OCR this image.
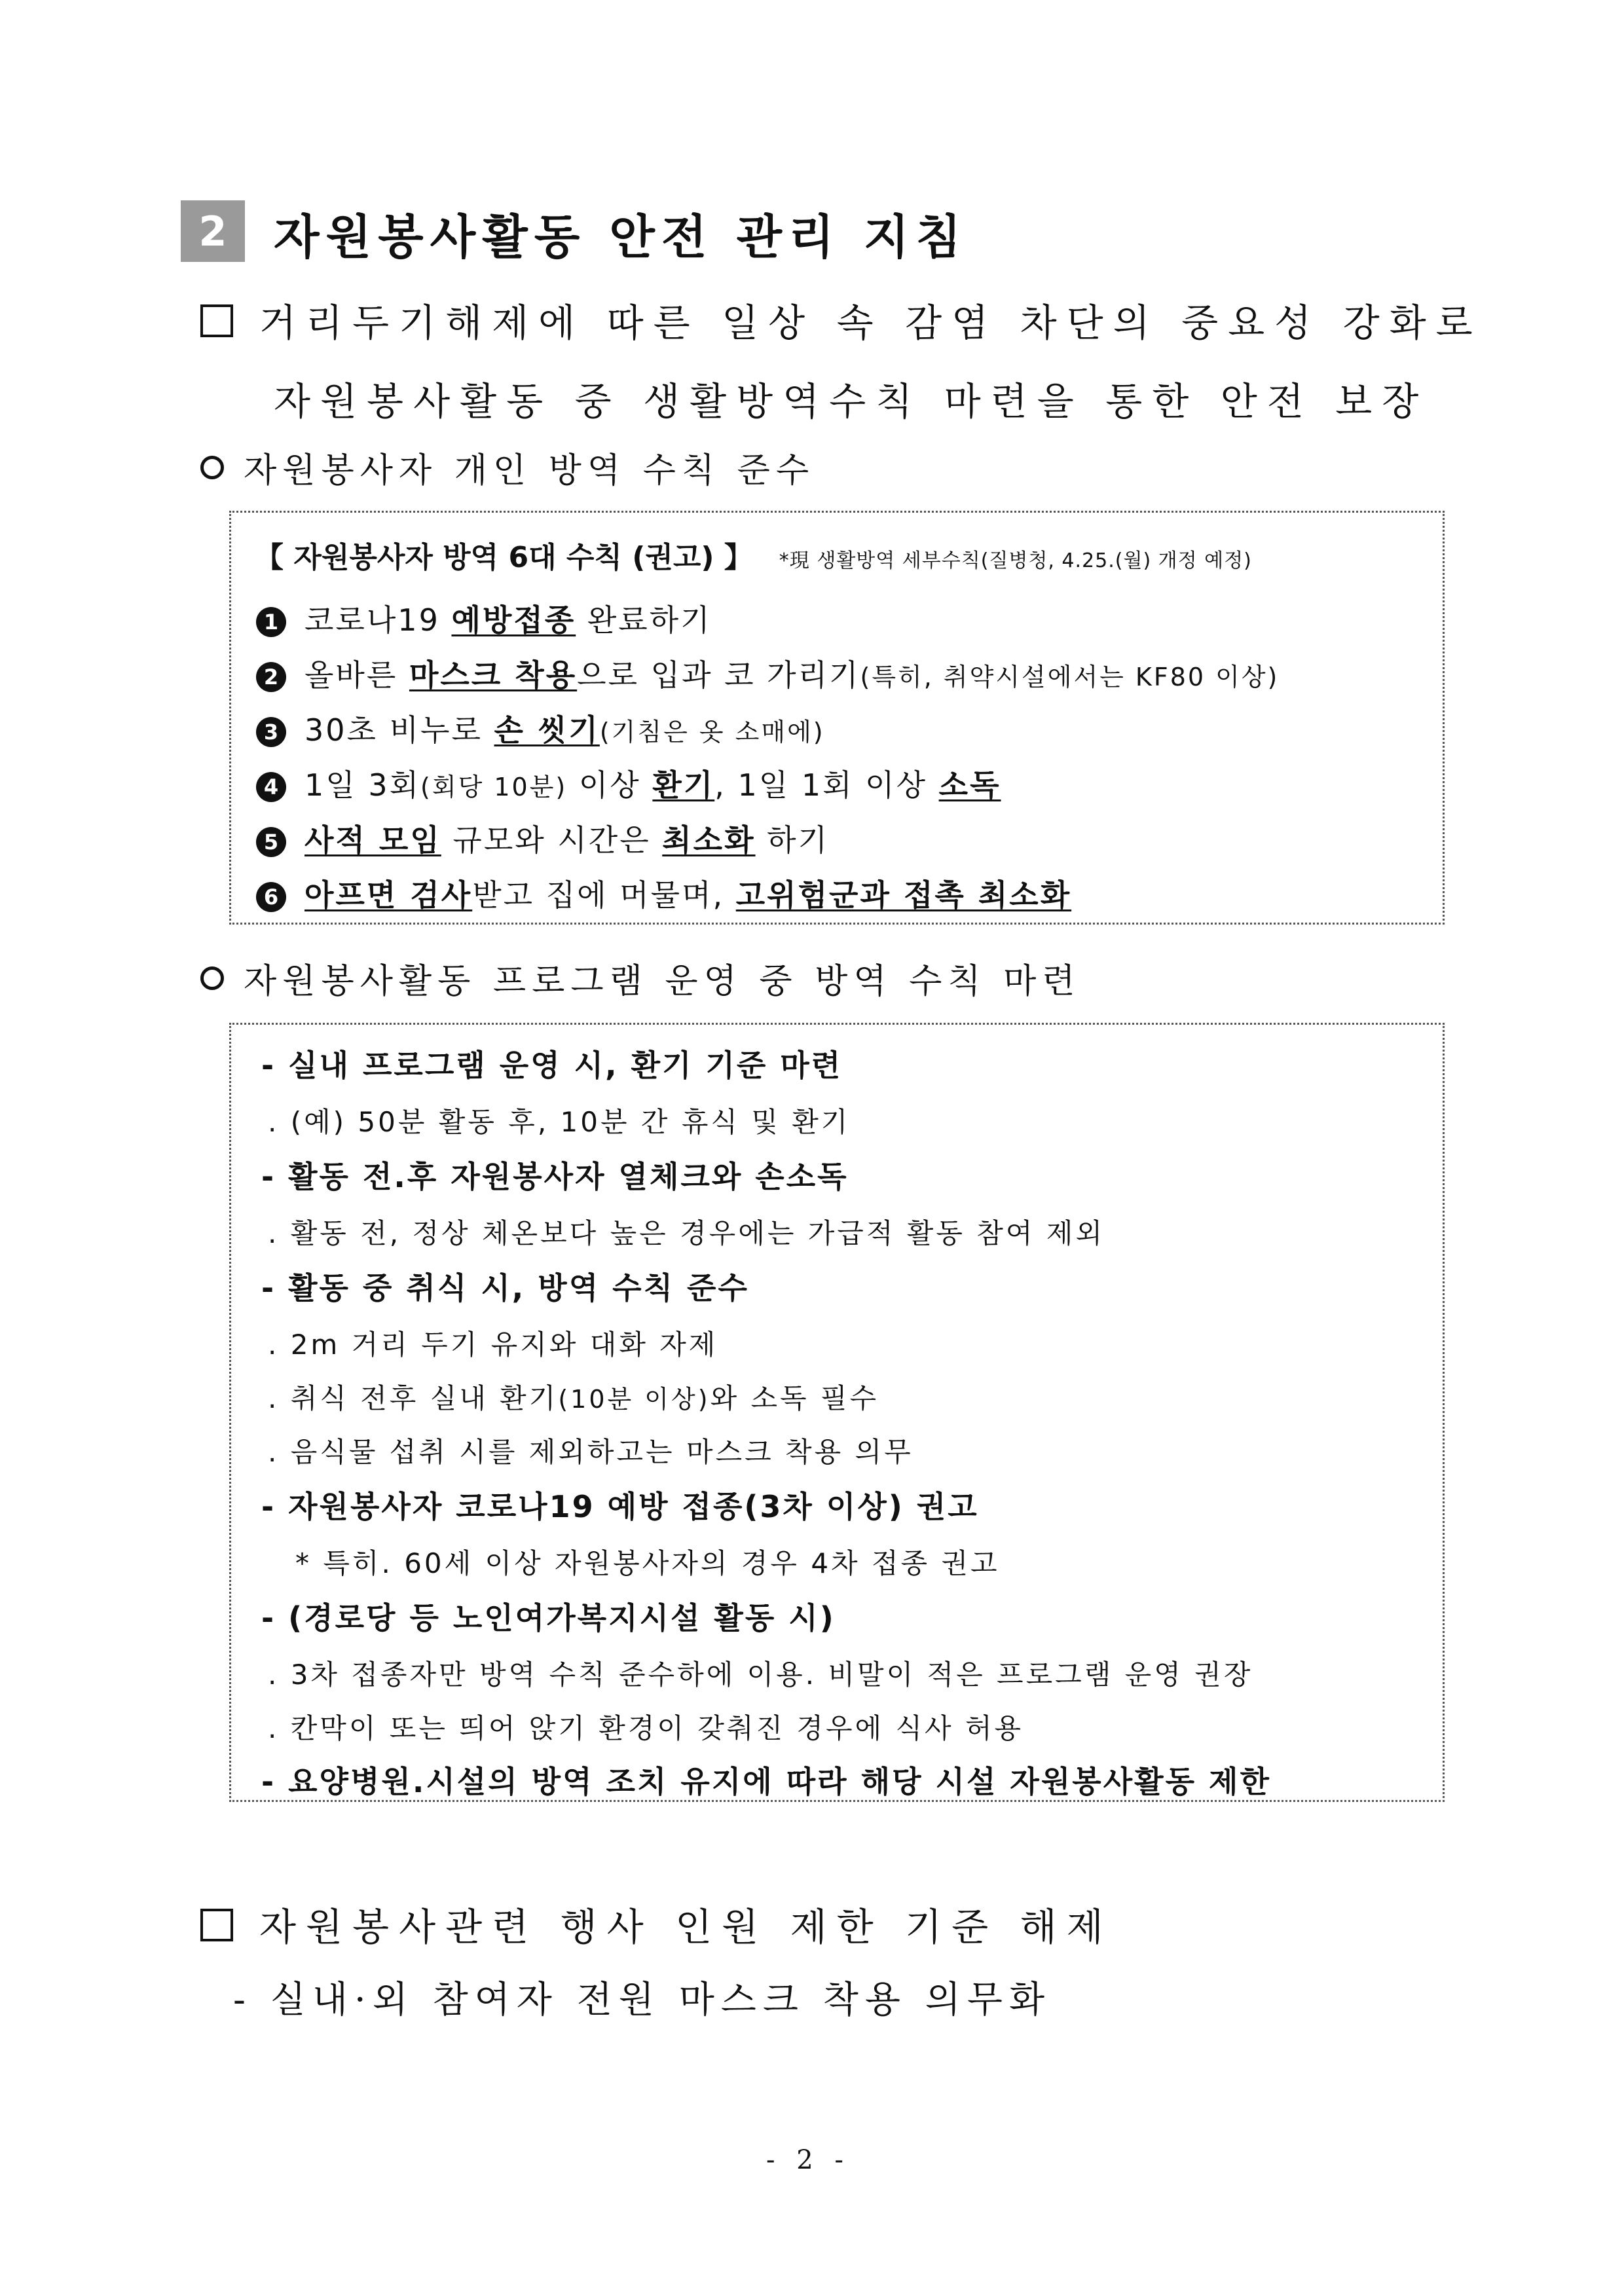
2 자원봉사활동 안전 관리 지침
거리두기해제에 따른 일상 속 감염 차단의 중요성 강화로
자원봉사활동 중 생활방역수칙 마련을 통한 안전 보장
자원봉사자 개인 방역 수칙 준수
【 자원봉사자 방역 6대 수칙 (권고) 】 *現 생활방역 세부수칙(질병청, 4.25.(월) 개정 예정)
1 코로나19 예방접종 완료하기
2 올바른 마스크 착용으로 입과 코 가리기(특히, 취약시설에서는 KF80 이상)
3 30초 비누로 손 씻기(기침은 옷 소매에)
4 1일 3회(회당 10분) 이상 환기, 1일 1회 이상 소독
5 사적 모임 규모와 시간은 최소화 하기
6 아프면 검사받고 집에 머물며, 고위험군과 접촉 최소화
자원봉사활동 프로그램 운영 중 방역 수칙 마련
- 실내 프로그램 운영 시, 환기 기준 마련
. (예) 50분 활동 후, 10분 간 휴식 및 환기
- 활동 전.후 자원봉사자 열체크와 손소독
. 활동 전, 정상 체온보다 높은 경우에는 가급적 활동 참여 제외
- 활동 중 취식 시, 방역 수칙 준수
. 2m 거리 두기 유지와 대화 자제
. 취식 전후 실내 환기(10분 이상)와 소독 필수
. 음식물 섭취 시를 제외하고는 마스크 착용 의무
- 자원봉사자 코로나19 예방 접종(3차 이상) 권고
* 특히. 60세 이상 자원봉사자의 경우 4차 접종 권고
- (경로당 등 노인여가복지시설 활동 시)
. 3차 접종자만 방역 수칙 준수하에 이용. 비말이 적은 프로그램 운영 권장
. 칸막이 또는 띄어 앉기 환경이 갖춰진 경우에 식사 허용
- 요양병원.시설의 방역 조치 유지에 따라 해당 시설 자원봉사활동 제한
자원봉사관련 행사 인원 제한 기준 해제
- 실내·외 참여자 전원 마스크 착용 의무화
- 2 -
